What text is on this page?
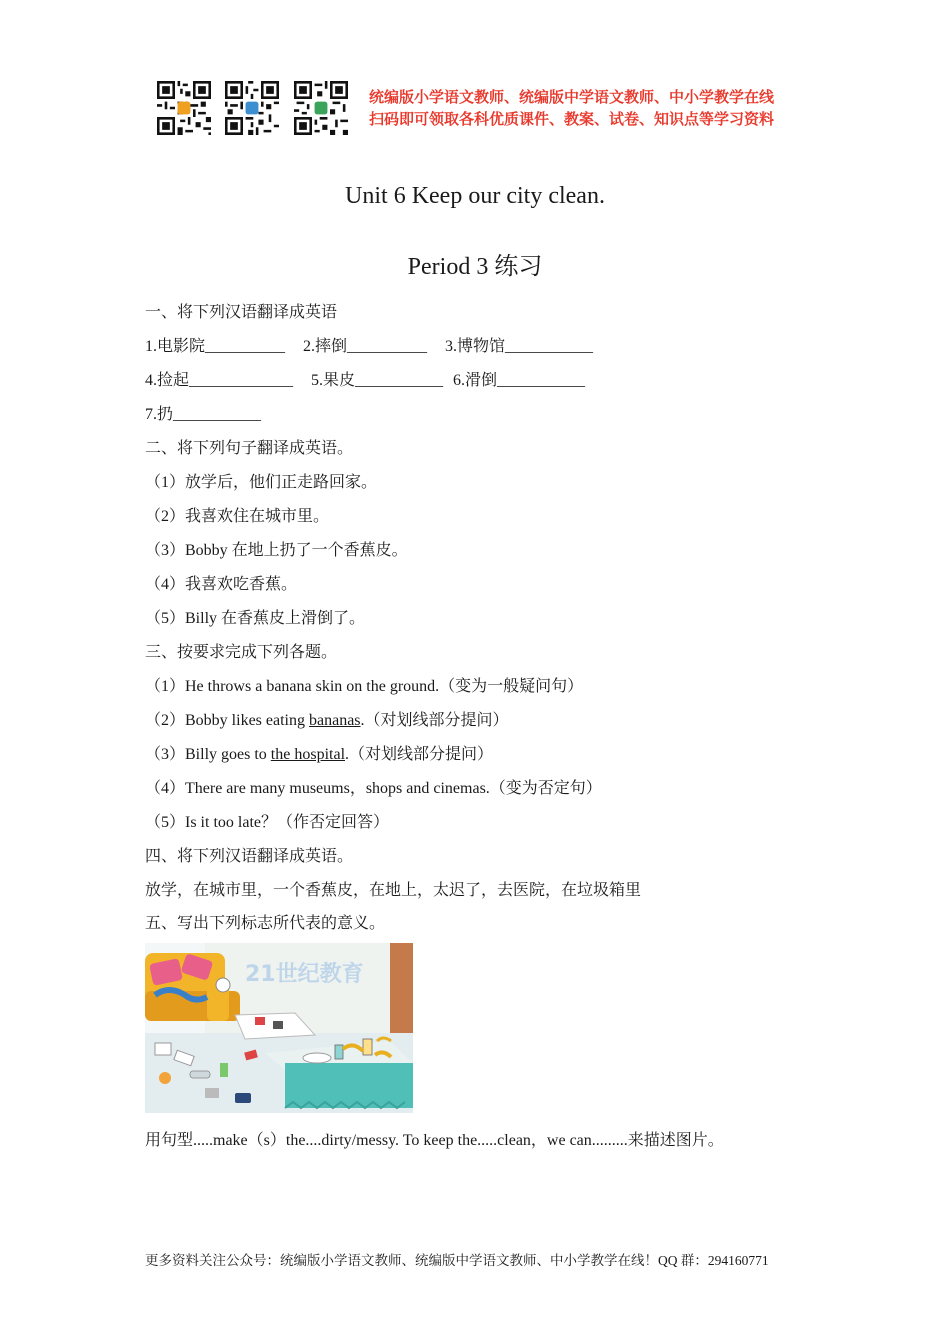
统编版小学语文教师、统编版中学语文教师、中小学教学在线
扫码即可领取各科优质课件、教案、试卷、知识点等学习资料
Unit 6 Keep our city clean.
Period 3 练习
一、将下列汉语翻译成英语
1.电影院__________ 2.摔倒__________ 3.博物馆___________
4.捡起_____________ 5.果皮___________ 6.滑倒___________
7.扔___________
二、将下列句子翻译成英语。
（1）放学后，他们正走路回家。
（2）我喜欢住在城市里。
（3）Bobby 在地上扔了一个香蕉皮。
（4）我喜欢吃香蕉。
（5）Billy 在香蕉皮上滑倒了。
三、按要求完成下列各题。
（1）He throws a banana skin on the ground.（变为一般疑问句）
（2）Bobby likes eating bananas.（对划线部分提问）
（3）Billy goes to the hospital.（对划线部分提问）
（4）There are many museums，shops and cinemas.（变为否定句）
（5）Is it too late？（作否定回答）
四、将下列汉语翻译成英语。
放学，在城市里，一个香蕉皮，在地上，太迟了，去医院，在垃圾箱里
五、写出下列标志所代表的意义。
21世纪教育
用句型.....make（s）the....dirty/messy. To keep the.....clean，we can.........来描述图片。
更多资料关注公众号：统编版小学语文教师、统编版中学语文教师、中小学教学在线！QQ 群：294160771
